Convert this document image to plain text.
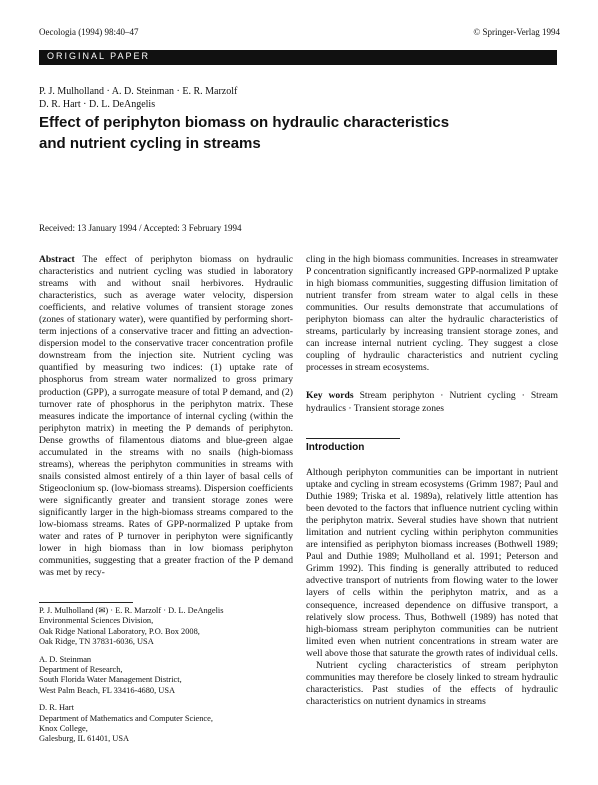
Oecologia (1994) 98:40–47	© Springer-Verlag 1994
ORIGINAL PAPER
P. J. Mulholland · A. D. Steinman · E. R. Marzolf
D. R. Hart · D. L. DeAngelis
Effect of periphyton biomass on hydraulic characteristics
and nutrient cycling in streams
Received: 13 January 1994 / Accepted: 3 February 1994

Abstract The effect of periphyton biomass on hydraulic characteristics and nutrient cycling was studied in laboratory streams with and without snail herbivores. Hydraulic characteristics, such as average water velocity, dispersion coefficients, and relative volumes of transient storage zones (zones of stationary water), were quantified by performing short-term injections of a conservative tracer and fitting an advection-dispersion model to the conservative tracer concentration profile downstream from the injection site. Nutrient cycling was quantified by measuring two indices: (1) uptake rate of phosphorus from stream water normalized to gross primary production (GPP), a surrogate measure of total P demand, and (2) turnover rate of phosphorus in the periphyton matrix. These measures indicate the importance of internal cycling (within the periphyton matrix) in meeting the P demands of periphyton. Dense growths of filamentous diatoms and blue-green algae accumulated in the streams with no snails (high-biomass streams), whereas the periphyton communities in streams with snails consisted almost entirely of a thin layer of basal cells of Stigeoclonium sp. (low-biomass streams). Dispersion coefficients were significantly greater and transient storage zones were significantly larger in the high-biomass streams compared to the low-biomass streams. Rates of GPP-normalized P uptake from water and rates of P turnover in periphyton were significantly lower in high biomass than in low biomass periphyton communities, suggesting that a greater fraction of the P demand was met by recy-

cling in the high biomass communities. Increases in streamwater P concentration significantly increased GPP-normalized P uptake in high biomass communities, suggesting diffusion limitation of nutrient transfer from stream water to algal cells in these communities. Our results demonstrate that accumulations of periphyton biomass can alter the hydraulic characteristics of streams, particularly by increasing transient storage zones, and can increase internal nutrient cycling. They suggest a close coupling of hydraulic characteristics and nutrient cycling processes in stream ecosystems.

Key words Stream periphyton · Nutrient cycling · Stream hydraulics · Transient storage zones

Introduction

Although periphyton communities can be important in nutrient uptake and cycling in stream ecosystems (Grimm 1987; Paul and Duthie 1989; Triska et al. 1989a), relatively little attention has been devoted to the factors that influence nutrient cycling within the periphyton matrix. Several studies have shown that nutrient limitation and nutrient cycling within periphyton communities are intensified as periphyton biomass increases (Bothwell 1989; Paul and Duthie 1989; Mulholland et al. 1991; Peterson and Grimm 1992). This finding is generally attributed to reduced advective transport of nutrients from flowing water to the lower layers of cells within the periphyton matrix, and as a consequence, increased dependence on diffusive transport, a relatively slow process. Thus, Bothwell (1989) has noted that high-biomass stream periphyton communities can be nutrient limited even when nutrient concentrations in stream water are well above those that saturate the growth rates of individual cells.

Nutrient cycling characteristics of stream periphyton communities may therefore be closely linked to stream hydraulic characteristics. Past studies of the effects of hydraulic characteristics on nutrient dynamics in streams

P. J. Mulholland (✉) · E. R. Marzolf · D. L. DeAngelis
Environmental Sciences Division,
Oak Ridge National Laboratory, P.O. Box 2008,
Oak Ridge, TN 37831-6036, USA
A. D. Steinman
Department of Research,
South Florida Water Management District,
West Palm Beach, FL 33416-4680, USA
D. R. Hart
Department of Mathematics and Computer Science,
Knox College,
Galesburg, IL 61401, USA
